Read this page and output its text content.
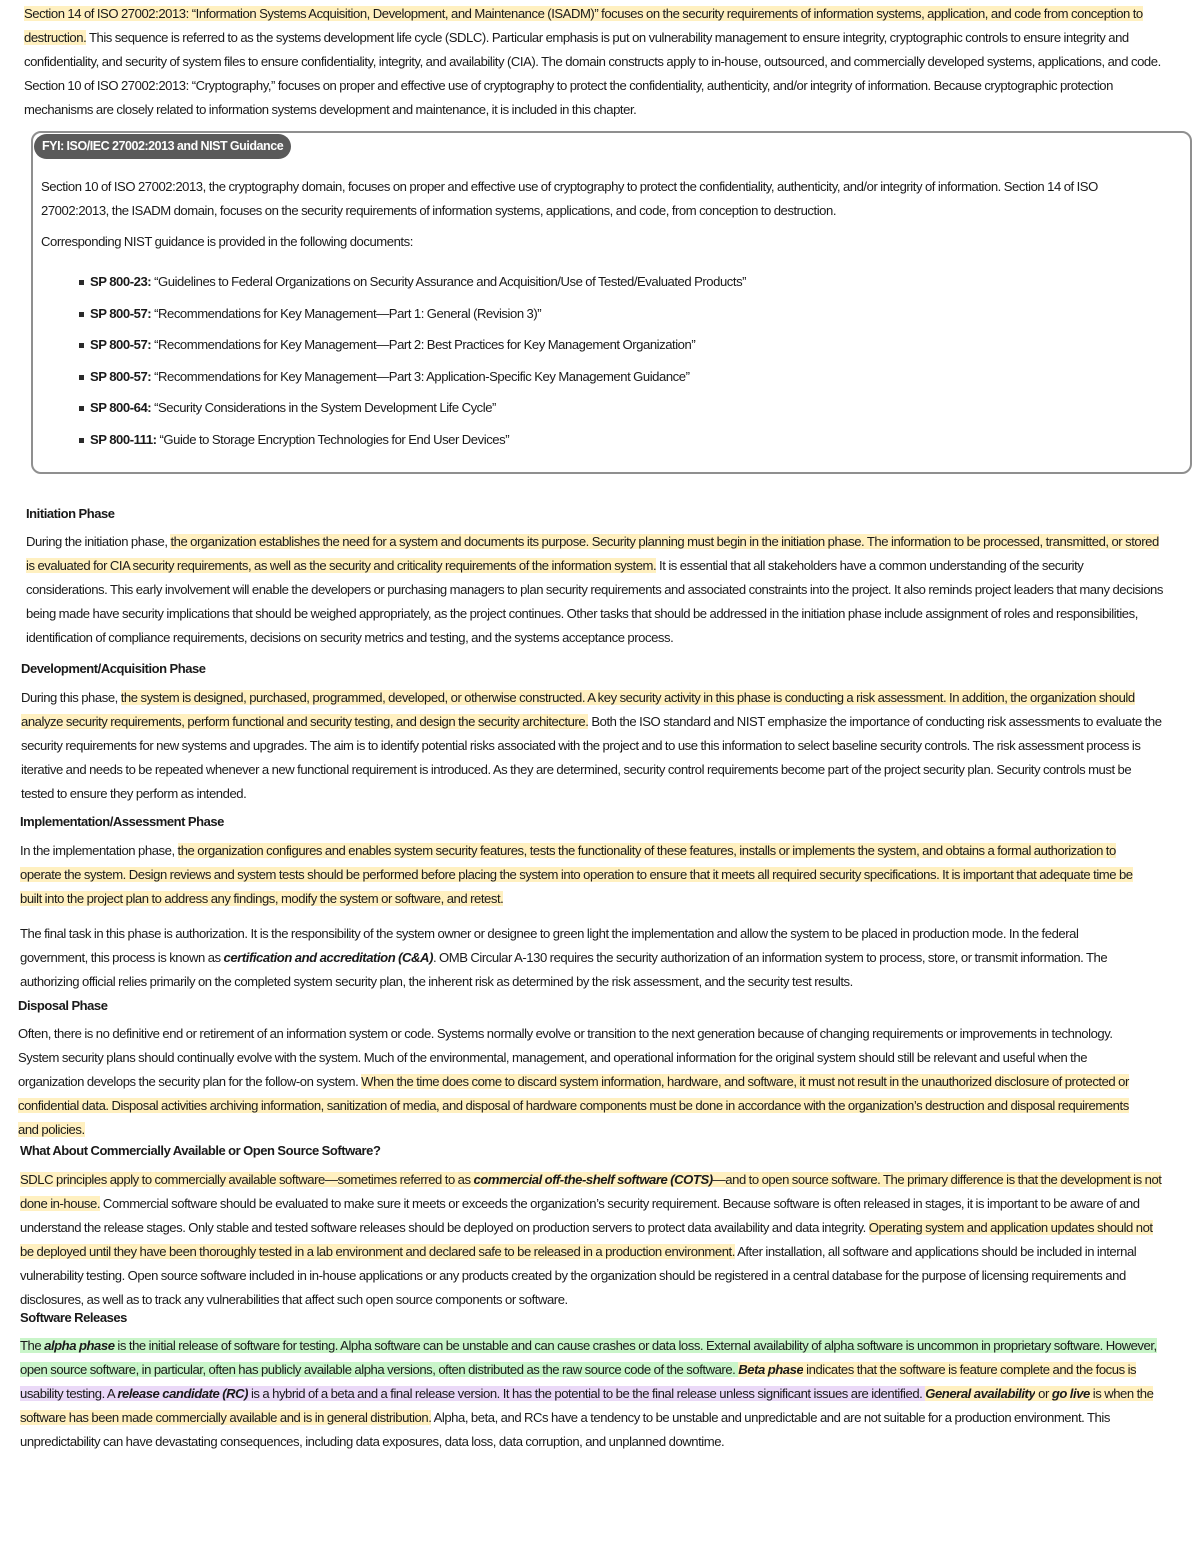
Section 14 of ISO 27002:2013: “Information Systems Acquisition, Development, and Maintenance (ISADM)” focuses on the security requirements of information systems, application, and code from conception to

destruction. This sequence is referred to as the systems development life cycle (SDLC). Particular emphasis is put on vulnerability management to ensure integrity, cryptographic controls to ensure integrity and

confidentiality, and security of system files to ensure confidentiality, integrity, and availability (CIA). The domain constructs apply to in-house, outsourced, and commercially developed systems, applications, and code.

Section 10 of ISO 27002:2013: “Cryptography,” focuses on proper and effective use of cryptography to protect the confidentiality, authenticity, and/or integrity of information. Because cryptographic protection

mechanisms are closely related to information systems development and maintenance, it is included in this chapter.

FYI: ISO/IEC 27002:2013 and NIST Guidance

Section 10 of ISO 27002:2013, the cryptography domain, focuses on proper and effective use of cryptography to protect the confidentiality, authenticity, and/or integrity of information. Section 14 of ISO

27002:2013, the ISADM domain, focuses on the security requirements of information systems, applications, and code, from conception to destruction.

Corresponding NIST guidance is provided in the following documents:

SP 800-23: “Guidelines to Federal Organizations on Security Assurance and Acquisition/Use of Tested/Evaluated Products”
SP 800-57: “Recommendations for Key Management—Part 1: General (Revision 3)”
SP 800-57: “Recommendations for Key Management—Part 2: Best Practices for Key Management Organization”
SP 800-57: “Recommendations for Key Management—Part 3: Application-Specific Key Management Guidance”
SP 800-64: “Security Considerations in the System Development Life Cycle”
SP 800-111: “Guide to Storage Encryption Technologies for End User Devices”
Initiation Phase

During the initiation phase, the organization establishes the need for a system and documents its purpose. Security planning must begin in the initiation phase. The information to be processed, transmitted, or stored

is evaluated for CIA security requirements, as well as the security and criticality requirements of the information system. It is essential that all stakeholders have a common understanding of the security

considerations. This early involvement will enable the developers or purchasing managers to plan security requirements and associated constraints into the project. It also reminds project leaders that many decisions

being made have security implications that should be weighed appropriately, as the project continues. Other tasks that should be addressed in the initiation phase include assignment of roles and responsibilities,

identification of compliance requirements, decisions on security metrics and testing, and the systems acceptance process.

Development/Acquisition Phase

During this phase, the system is designed, purchased, programmed, developed, or otherwise constructed. A key security activity in this phase is conducting a risk assessment. In addition, the organization should

analyze security requirements, perform functional and security testing, and design the security architecture. Both the ISO standard and NIST emphasize the importance of conducting risk assessments to evaluate the

security requirements for new systems and upgrades. The aim is to identify potential risks associated with the project and to use this information to select baseline security controls. The risk assessment process is

iterative and needs to be repeated whenever a new functional requirement is introduced. As they are determined, security control requirements become part of the project security plan. Security controls must be

tested to ensure they perform as intended.

Implementation/Assessment Phase

In the implementation phase, the organization configures and enables system security features, tests the functionality of these features, installs or implements the system, and obtains a formal authorization to

operate the system. Design reviews and system tests should be performed before placing the system into operation to ensure that it meets all required security specifications. It is important that adequate time be

built into the project plan to address any findings, modify the system or software, and retest.

The final task in this phase is authorization. It is the responsibility of the system owner or designee to green light the implementation and allow the system to be placed in production mode. In the federal

government, this process is known as certification and accreditation (C&A). OMB Circular A-130 requires the security authorization of an information system to process, store, or transmit information. The

authorizing official relies primarily on the completed system security plan, the inherent risk as determined by the risk assessment, and the security test results.

Disposal Phase

Often, there is no definitive end or retirement of an information system or code. Systems normally evolve or transition to the next generation because of changing requirements or improvements in technology.

System security plans should continually evolve with the system. Much of the environmental, management, and operational information for the original system should still be relevant and useful when the

organization develops the security plan for the follow-on system. When the time does come to discard system information, hardware, and software, it must not result in the unauthorized disclosure of protected or

confidential data. Disposal activities archiving information, sanitization of media, and disposal of hardware components must be done in accordance with the organization’s destruction and disposal requirements

and policies.

What About Commercially Available or Open Source Software?

SDLC principles apply to commercially available software—sometimes referred to as commercial off-the-shelf software (COTS)—and to open source software. The primary difference is that the development is not

done in-house. Commercial software should be evaluated to make sure it meets or exceeds the organization’s security requirement. Because software is often released in stages, it is important to be aware of and

understand the release stages. Only stable and tested software releases should be deployed on production servers to protect data availability and data integrity. Operating system and application updates should not

be deployed until they have been thoroughly tested in a lab environment and declared safe to be released in a production environment. After installation, all software and applications should be included in internal

vulnerability testing. Open source software included in in-house applications or any products created by the organization should be registered in a central database for the purpose of licensing requirements and

disclosures, as well as to track any vulnerabilities that affect such open source components or software.

Software Releases

The alpha phase is the initial release of software for testing. Alpha software can be unstable and can cause crashes or data loss. External availability of alpha software is uncommon in proprietary software. However,

open source software, in particular, often has publicly available alpha versions, often distributed as the raw source code of the software. Beta phase indicates that the software is feature complete and the focus is

usability testing. A release candidate (RC) is a hybrid of a beta and a final release version. It has the potential to be the final release unless significant issues are identified. General availability or go live is when the

software has been made commercially available and is in general distribution. Alpha, beta, and RCs have a tendency to be unstable and unpredictable and are not suitable for a production environment. This

unpredictability can have devastating consequences, including data exposures, data loss, data corruption, and unplanned downtime.
